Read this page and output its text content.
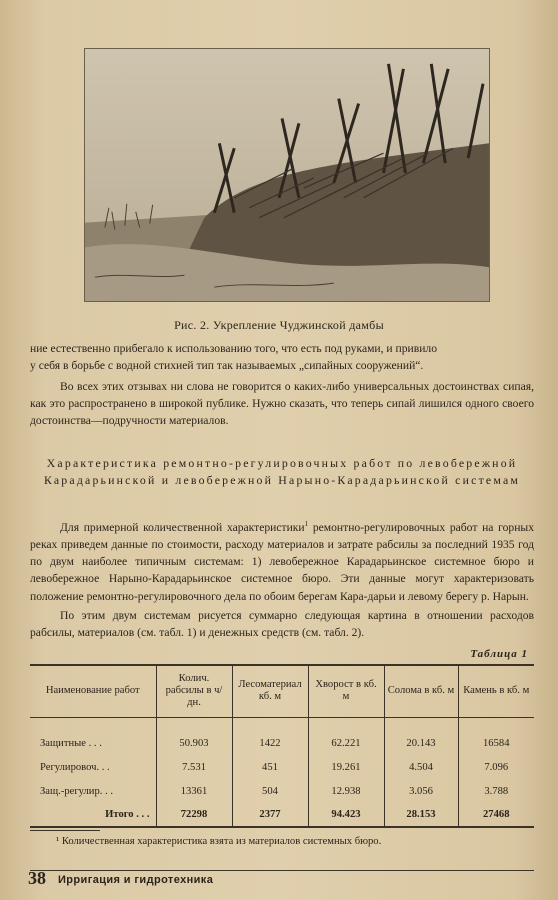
Рис. 2. Укрепление Чуджинской дамбы
ние естественно прибегало к использованию того, что есть под руками, и привило
у себя в борьбе с водной стихией тип так называемых „сипайных сооружений“.
Во всех этих отзывах ни слова не говорится о каких-либо универсальных достоинствах сипая, как это распространено в широкой публике. Нужно сказать, что теперь сипай лишился одного своего достоинства—подручности материалов.
Характеристика ремонтно-регулировочных работ по левобережной Карадарьинской и левобережной Нарыно-Карадарьинской системам
Для примерной количественной характеристики$^1$ ремонтно-регулировочных работ на горных реках приведем данные по стоимости, расходу материалов и затрате рабсилы за последний 1935 год по двум наиболее типичным системам: 1) левобережное Карадарьинское системное бюро и левобережное Нарыно-Карадарьинское системное бюро. Эти данные могут характеризовать положение ремонтно-регулировочного дела по обоим берегам Кара-дарьи и левому берегу р. Нарын.
По этим двум системам рисуется суммарно следующая картина в отношении расходов рабсилы, материалов (см. табл. 1) и денежных средств (см. табл. 2).
Таблица 1
Наименование работ	Колич. рабсилы в ч/дн.	Лесоматериал кб. м	Хворост в кб. м	Солома в кб. м	Камень в кб. м

Защитные . . .	50.903	1422	62.221	20.143	16584
Регулировоч. . .	7.531	451	19.261	4.504	7.096
Защ.-регулир. . .	13361	504	12.938	3.056	3.788
Итого . . .	72298	2377	94.423	28.153	27468
¹ Количественная характеристика взята из материалов системных бюро.
38 Ирригация и гидротехника
